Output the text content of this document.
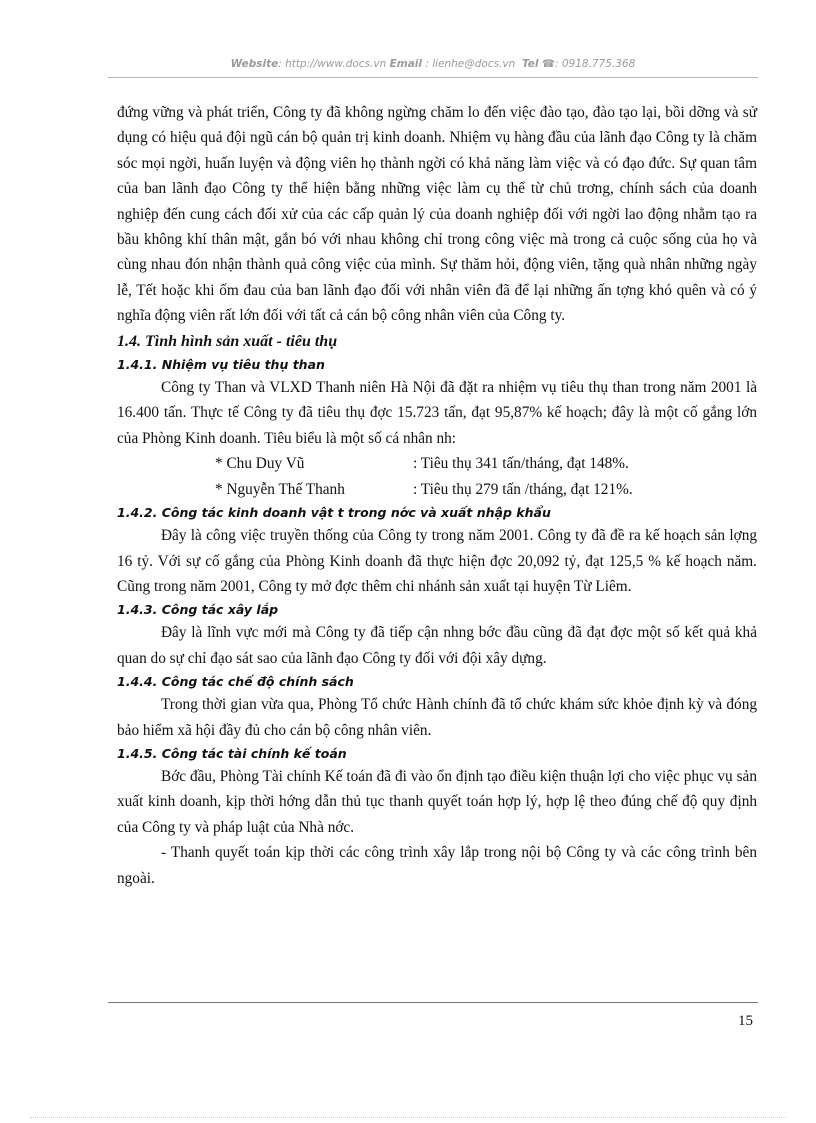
Website: http://www.docs.vn Email : lienhe@docs.vn Tel ☎: 0918.775.368

đứng vững và phát triển, Công ty đã không ngừng chăm lo đến việc đào tạo, đào tạo lại, bồi dỡng và sử dụng có hiệu quả đội ngũ cán bộ quản trị kinh doanh. Nhiệm vụ hàng đầu của lãnh đạo Công ty là chăm sóc mọi ngời, huấn luyện và động viên họ thành ngời có khả năng làm việc và có đạo đức. Sự quan tâm của ban lãnh đạo Công ty thể hiện bằng những việc làm cụ thể từ chủ trơng, chính sách của doanh nghiệp đến cung cách đối xử của các cấp quản lý của doanh nghiệp đối với ngời lao động nhằm tạo ra bầu không khí thân mật, gắn bó với nhau không chỉ trong công việc mà trong cả cuộc sống của họ và cùng nhau đón nhận thành quả công việc của mình. Sự thăm hỏi, động viên, tặng quà nhân những ngày lễ, Tết hoặc khi ốm đau của ban lãnh đạo đối với nhân viên đã để lại những ấn tợng khó quên và có ý nghĩa động viên rất lớn đối với tất cả cán bộ công nhân viên của Công ty.

1.4. Tình hình sản xuất - tiêu thụ
1.4.1. Nhiệm vụ tiêu thụ than

Công ty Than và VLXD Thanh niên Hà Nội đã đặt ra nhiệm vụ tiêu thụ than trong năm 2001 là 16.400 tấn. Thực tế Công ty đã tiêu thụ đợc 15.723 tấn, đạt 95,87% kế hoạch; đây là một cố gắng lớn của Phòng Kinh doanh. Tiêu biểu là một số cá nhân nh:

* Chu Duy Vũ	: Tiêu thụ 341 tấn/tháng, đạt 148%.
* Nguyễn Thế Thanh	: Tiêu thụ 279 tấn /tháng, đạt 121%.
1.4.2. Công tác kinh doanh vật t trong nớc và xuất nhập khẩu

Đây là công việc truyền thống của Công ty trong năm 2001. Công ty đã đề ra kế hoạch sản lợng 16 tỷ. Với sự cố gắng của Phòng Kinh doanh đã thực hiện đợc 20,092 tỷ, đạt 125,5 % kế hoạch năm. Cũng trong năm 2001, Công ty mở đợc thêm chi nhánh sản xuất tại huyện Từ Liêm.

1.4.3. Công tác xây lắp

Đây là lĩnh vực mới mà Công ty đã tiếp cận nhng bớc đầu cũng đã đạt đợc một số kết quả khả quan do sự chỉ đạo sát sao của lãnh đạo Công ty đối với đội xây dựng.

1.4.4. Công tác chế độ chính sách

Trong thời gian vừa qua, Phòng Tổ chức Hành chính đã tổ chức khám sức khỏe định kỳ và đóng bảo hiểm xã hội đầy đủ cho cán bộ công nhân viên.

1.4.5. Công tác tài chính kế toán

Bớc đầu, Phòng Tài chính Kế toán đã đi vào ổn định tạo điều kiện thuận lợi cho việc phục vụ sản xuất kinh doanh, kịp thời hớng dẫn thủ tục thanh quyết toán hợp lý, hợp lệ theo đúng chế độ quy định của Công ty và pháp luật của Nhà nớc.

- Thanh quyết toán kịp thời các công trình xây lắp trong nội bộ Công ty và các công trình bên ngoài.

15
